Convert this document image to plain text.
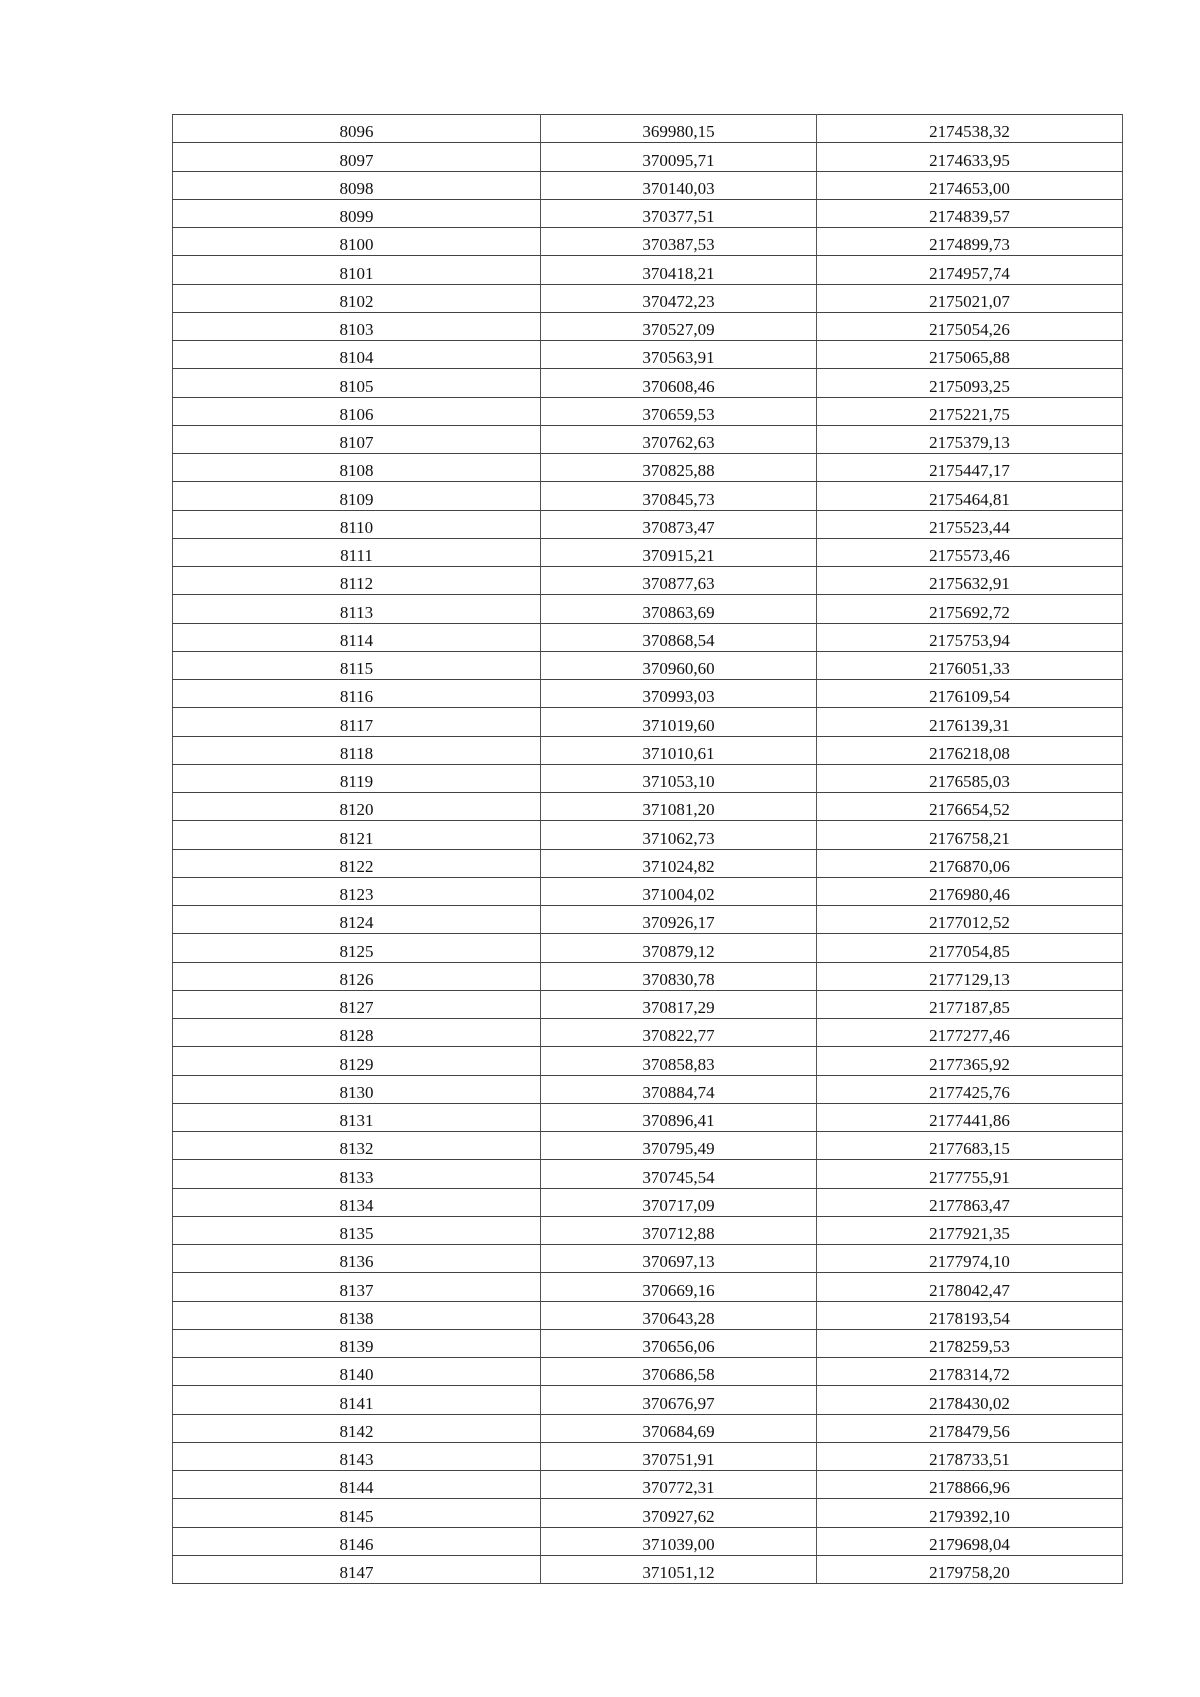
8096	369980,15	2174538,32
8097	370095,71	2174633,95
8098	370140,03	2174653,00
8099	370377,51	2174839,57
8100	370387,53	2174899,73
8101	370418,21	2174957,74
8102	370472,23	2175021,07
8103	370527,09	2175054,26
8104	370563,91	2175065,88
8105	370608,46	2175093,25
8106	370659,53	2175221,75
8107	370762,63	2175379,13
8108	370825,88	2175447,17
8109	370845,73	2175464,81
8110	370873,47	2175523,44
8111	370915,21	2175573,46
8112	370877,63	2175632,91
8113	370863,69	2175692,72
8114	370868,54	2175753,94
8115	370960,60	2176051,33
8116	370993,03	2176109,54
8117	371019,60	2176139,31
8118	371010,61	2176218,08
8119	371053,10	2176585,03
8120	371081,20	2176654,52
8121	371062,73	2176758,21
8122	371024,82	2176870,06
8123	371004,02	2176980,46
8124	370926,17	2177012,52
8125	370879,12	2177054,85
8126	370830,78	2177129,13
8127	370817,29	2177187,85
8128	370822,77	2177277,46
8129	370858,83	2177365,92
8130	370884,74	2177425,76
8131	370896,41	2177441,86
8132	370795,49	2177683,15
8133	370745,54	2177755,91
8134	370717,09	2177863,47
8135	370712,88	2177921,35
8136	370697,13	2177974,10
8137	370669,16	2178042,47
8138	370643,28	2178193,54
8139	370656,06	2178259,53
8140	370686,58	2178314,72
8141	370676,97	2178430,02
8142	370684,69	2178479,56
8143	370751,91	2178733,51
8144	370772,31	2178866,96
8145	370927,62	2179392,10
8146	371039,00	2179698,04
8147	371051,12	2179758,20
